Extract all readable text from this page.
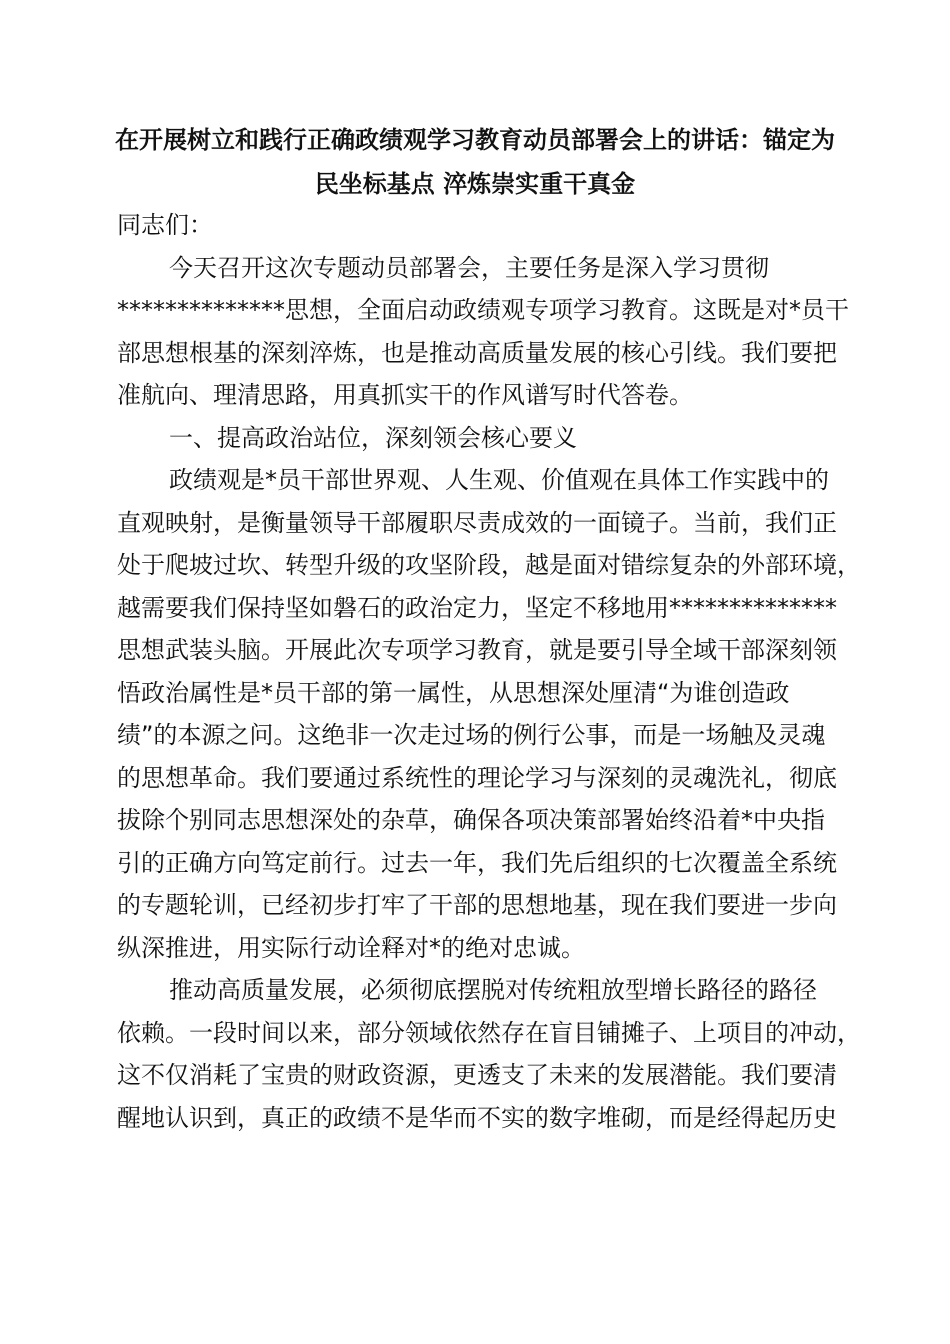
在开展树立和践行正确政绩观学习教育动员部署会上的讲话：锚定为
民坐标基点 淬炼崇实重干真金
同志们：
今天召开这次专题动员部署会，主要任务是深入学习贯彻
**************思想，全面启动政绩观专项学习教育。这既是对*员干
部思想根基的深刻淬炼，也是推动高质量发展的核心引线。我们要把
准航向、理清思路，用真抓实干的作风谱写时代答卷。
一、提高政治站位，深刻领会核心要义
政绩观是*员干部世界观、人生观、价值观在具体工作实践中的
直观映射，是衡量领导干部履职尽责成效的一面镜子。当前，我们正
处于爬坡过坎、转型升级的攻坚阶段，越是面对错综复杂的外部环境，
越需要我们保持坚如磐石的政治定力，坚定不移地用**************
思想武装头脑。开展此次专项学习教育，就是要引导全域干部深刻领
悟政治属性是*员干部的第一属性，从思想深处厘清“为谁创造政
绩”的本源之问。这绝非一次走过场的例行公事，而是一场触及灵魂
的思想革命。我们要通过系统性的理论学习与深刻的灵魂洗礼，彻底
拔除个别同志思想深处的杂草，确保各项决策部署始终沿着*中央指
引的正确方向笃定前行。过去一年，我们先后组织的七次覆盖全系统
的专题轮训，已经初步打牢了干部的思想地基，现在我们要进一步向
纵深推进，用实际行动诠释对*的绝对忠诚。
推动高质量发展，必须彻底摆脱对传统粗放型增长路径的路径
依赖。一段时间以来，部分领域依然存在盲目铺摊子、上项目的冲动，
这不仅消耗了宝贵的财政资源，更透支了未来的发展潜能。我们要清
醒地认识到，真正的政绩不是华而不实的数字堆砌，而是经得起历史
